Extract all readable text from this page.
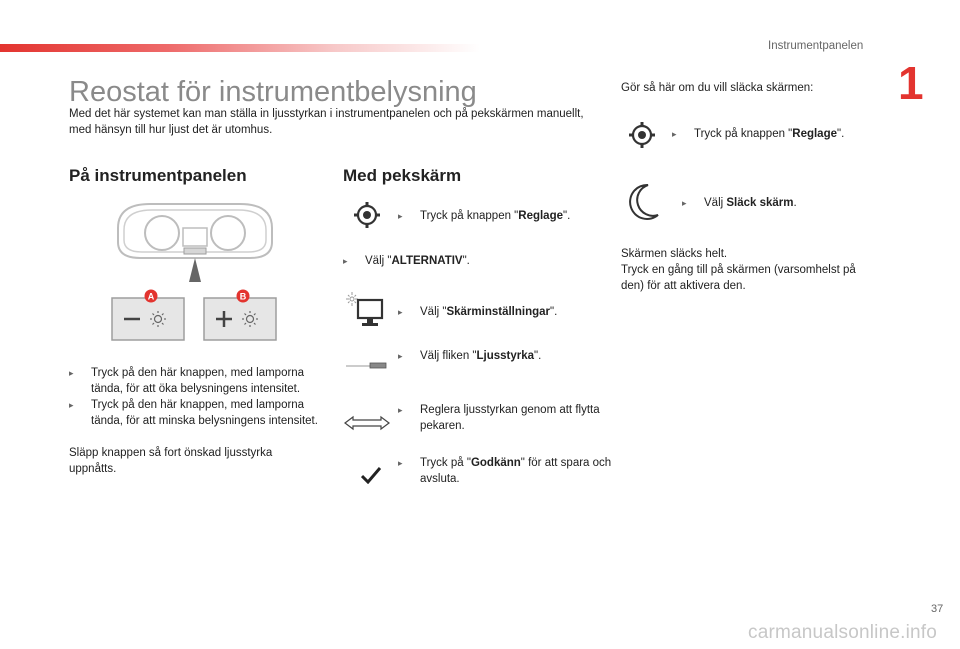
Instrumentpanelen
1
Reostat för instrumentbelysning

Med det här systemet kan man ställa in ljusstyrkan i instrumentpanelen och på pekskärmen manuellt, med hänsyn till hur ljust det är utomhus.

På instrumentpanelen
A	B

▸ Tryck på den här knappen, med lamporna tända, för att öka belysningens intensitet.

▸ Tryck på den här knappen, med lamporna tända, för att minska belysningens intensitet.

Släpp knappen så fort önskad ljusstyrka uppnåtts.

Med pekskärm

▸ Tryck på knappen "Reglage".

▸ Välj "ALTERNATIV".

▸ Välj "Skärminställningar".

▸ Välj fliken "Ljusstyrka".

▸ Reglera ljusstyrkan genom att flytta pekaren.

▸ Tryck på "Godkänn" för att spara och avsluta.

Gör så här om du vill släcka skärmen:

▸ Tryck på knappen "Reglage".

▸ Välj Släck skärm.

Skärmen släcks helt.

Tryck en gång till på skärmen (varsomhelst på den) för att aktivera den.

37
carmanualsonline.info
